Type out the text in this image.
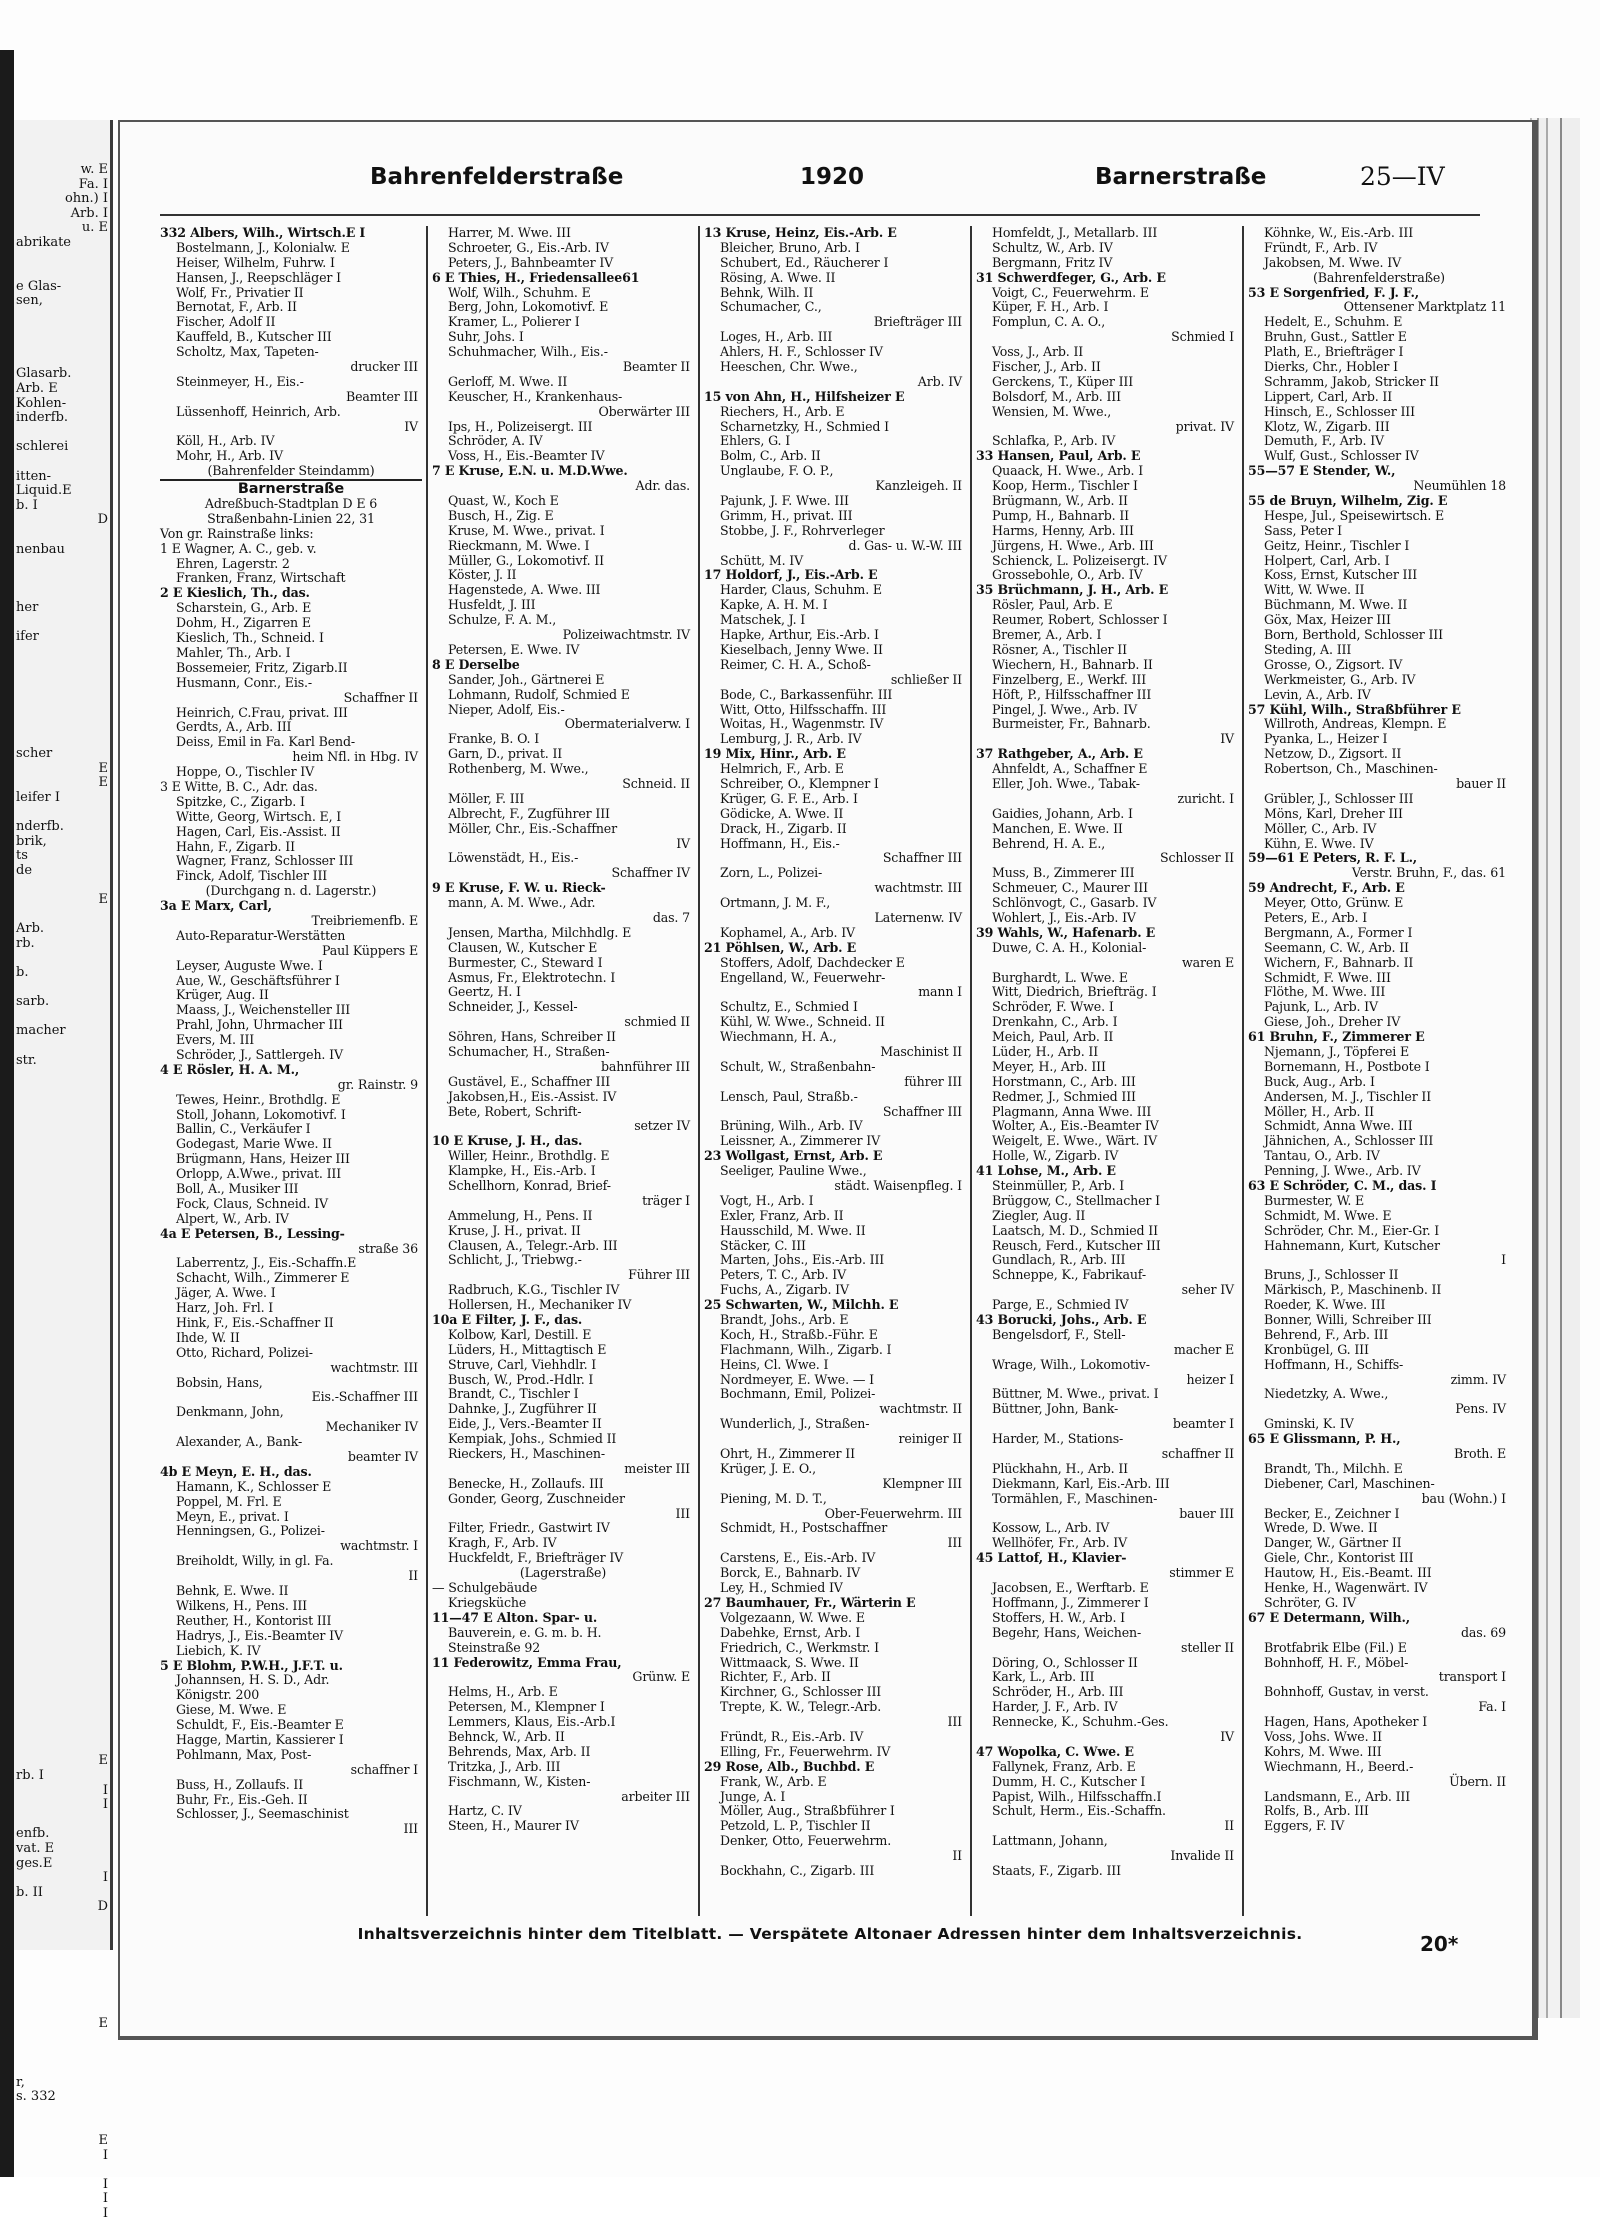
w. E
Fa. I
ohn.) I
Arb. I
u. E
abrikate
e Glas-
sen,
Glasarb.
Arb. E
Kohlen-
inderfb.
schlerei
itten-
Liquid.E
b. I
D
nenbau
her
ifer
scher
E
E
leifer I
nderfb.
brik,
ts
de
E
Arb.
rb.
b.
sarb.
macher
str.
E
rb. I
I
I
enfb.
vat. E
ges.E
I
b. II
D
E
r,
s. 332
E
I
I
I
I
Bahrenfelderstraße	1920	Barnerstraße	25—IV
332 Albers, Wilh., Wirtsch.E I
Bostelmann, J., Kolonialw. E
Heiser, Wilhelm, Fuhrw. I
Hansen, J., Reepschläger I
Wolf, Fr., Privatier II
Bernotat, F., Arb. II
Fischer, Adolf II
Kauffeld, B., Kutscher III
Scholtz, Max, Tapeten-
drucker III
Steinmeyer, H., Eis.-
Beamter III
Lüssenhoff, Heinrich, Arb.
IV
Köll, H., Arb. IV
Mohr, H., Arb. IV
(Bahrenfelder Steindamm)
Barnerstraße
Adreßbuch-Stadtplan D E 6
Straßenbahn-Linien 22, 31
Von gr. Rainstraße links:
1 E Wagner, A. C., geb. v.
Ehren, Lagerstr. 2
Franken, Franz, Wirtschaft
2 E Kieslich, Th., das.
Scharstein, G., Arb. E
Dohm, H., Zigarren E
Kieslich, Th., Schneid. I
Mahler, Th., Arb. I
Bossemeier, Fritz, Zigarb.II
Husmann, Conr., Eis.-
Schaffner II
Heinrich, C.Frau, privat. III
Gerdts, A., Arb. III
Deiss, Emil in Fa. Karl Bend-
heim Nfl. in Hbg. IV
Hoppe, O., Tischler IV
3 E Witte, B. C., Adr. das.
Spitzke, C., Zigarb. I
Witte, Georg, Wirtsch. E, I
Hagen, Carl, Eis.-Assist. II
Hahn, F., Zigarb. II
Wagner, Franz, Schlosser III
Finck, Adolf, Tischler III
(Durchgang n. d. Lagerstr.)
3a E Marx, Carl,
Treibriemenfb. E
Auto-Reparatur-Werstätten
Paul Küppers E
Leyser, Auguste Wwe. I
Aue, W., Geschäftsführer I
Krüger, Aug. II
Maass, J., Weichensteller III
Prahl, John, Uhrmacher III
Evers, M. III
Schröder, J., Sattlergeh. IV
4 E Rösler, H. A. M.,
gr. Rainstr. 9
Tewes, Heinr., Brothdlg. E
Stoll, Johann, Lokomotivf. I
Ballin, C., Verkäufer I
Godegast, Marie Wwe. II
Brügmann, Hans, Heizer III
Orlopp, A.Wwe., privat. III
Boll, A., Musiker III
Fock, Claus, Schneid. IV
Alpert, W., Arb. IV
4a E Petersen, B., Lessing-
straße 36
Laberrentz, J., Eis.-Schaffn.E
Schacht, Wilh., Zimmerer E
Jäger, A. Wwe. I
Harz, Joh. Frl. I
Hink, F., Eis.-Schaffner II
Ihde, W. II
Otto, Richard, Polizei-
wachtmstr. III
Bobsin, Hans,
Eis.-Schaffner III
Denkmann, John,
Mechaniker IV
Alexander, A., Bank-
beamter IV
4b E Meyn, E. H., das.
Hamann, K., Schlosser E
Poppel, M. Frl. E
Meyn, E., privat. I
Henningsen, G., Polizei-
wachtmstr. I
Breiholdt, Willy, in gl. Fa.
II
Behnk, E. Wwe. II
Wilkens, H., Pens. III
Reuther, H., Kontorist III
Hadrys, J., Eis.-Beamter IV
Liebich, K. IV
5 E Blohm, P.W.H., J.F.T. u.
Johannsen, H. S. D., Adr.
Königstr. 200
Giese, M. Wwe. E
Schuldt, F., Eis.-Beamter E
Hagge, Martin, Kassierer I
Pohlmann, Max, Post-
schaffner I
Buss, H., Zollaufs. II
Buhr, Fr., Eis.-Geh. II
Schlosser, J., Seemaschinist
III
Harrer, M. Wwe. III
Schroeter, G., Eis.-Arb. IV
Peters, J., Bahnbeamter IV
6 E Thies, H., Friedensallee61
Wolf, Wilh., Schuhm. E
Berg, John, Lokomotivf. E
Kramer, L., Polierer I
Suhr, Johs. I
Schuhmacher, Wilh., Eis.-
Beamter II
Gerloff, M. Wwe. II
Keuscher, H., Krankenhaus-
Oberwärter III
Ips, H., Polizeisergt. III
Schröder, A. IV
Voss, H., Eis.-Beamter IV
7 E Kruse, E.N. u. M.D.Wwe.
Adr. das.
Quast, W., Koch E
Busch, H., Zig. E
Kruse, M. Wwe., privat. I
Rieckmann, M. Wwe. I
Müller, G., Lokomotivf. II
Köster, J. II
Hagenstede, A. Wwe. III
Husfeldt, J. III
Schulze, F. A. M.,
Polizeiwachtmstr. IV
Petersen, E. Wwe. IV
8 E Derselbe
Sander, Joh., Gärtnerei E
Lohmann, Rudolf, Schmied E
Nieper, Adolf, Eis.-
Obermaterialverw. I
Franke, B. O. I
Garn, D., privat. II
Rothenberg, M. Wwe.,
Schneid. II
Möller, F. III
Albrecht, F., Zugführer III
Möller, Chr., Eis.-Schaffner
IV
Löwenstädt, H., Eis.-
Schaffner IV
9 E Kruse, F. W. u. Rieck-
mann, A. M. Wwe., Adr.
das. 7
Jensen, Martha, Milchhdlg. E
Clausen, W., Kutscher E
Burmester, C., Steward I
Asmus, Fr., Elektrotechn. I
Geertz, H. I
Schneider, J., Kessel-
schmied II
Söhren, Hans, Schreiber II
Schumacher, H., Straßen-
bahnführer III
Gustävel, E., Schaffner III
Jakobsen,H., Eis.-Assist. IV
Bete, Robert, Schrift-
setzer IV
10 E Kruse, J. H., das.
Willer, Heinr., Brothdlg. E
Klampke, H., Eis.-Arb. I
Schellhorn, Konrad, Brief-
träger I
Ammelung, H., Pens. II
Kruse, J. H., privat. II
Clausen, A., Telegr.-Arb. III
Schlicht, J., Triebwg.-
Führer III
Radbruch, K.G., Tischler IV
Hollersen, H., Mechaniker IV
10a E Filter, J. F., das.
Kolbow, Karl, Destill. E
Lüders, H., Mittagtisch E
Struve, Carl, Viehhdlr. I
Busch, W., Prod.-Hdlr. I
Brandt, C., Tischler I
Dahnke, J., Zugführer II
Eide, J., Vers.-Beamter II
Kempiak, Johs., Schmied II
Rieckers, H., Maschinen-
meister III
Benecke, H., Zollaufs. III
Gonder, Georg, Zuschneider
III
Filter, Friedr., Gastwirt IV
Kragh, F., Arb. IV
Huckfeldt, F., Briefträger IV
(Lagerstraße)
— Schulgebäude
Kriegsküche
11—47 E Alton. Spar- u.
Bauverein, e. G. m. b. H.
Steinstraße 92
11 Federowitz, Emma Frau,
Grünw. E
Helms, H., Arb. E
Petersen, M., Klempner I
Lemmers, Klaus, Eis.-Arb.I
Behnck, W., Arb. II
Behrends, Max, Arb. II
Tritzka, J., Arb. III
Fischmann, W., Kisten-
arbeiter III
Hartz, C. IV
Steen, H., Maurer IV
13 Kruse, Heinz, Eis.-Arb. E
Bleicher, Bruno, Arb. I
Schubert, Ed., Räucherer I
Rösing, A. Wwe. II
Behnk, Wilh. II
Schumacher, C.,
Briefträger III
Loges, H., Arb. III
Ahlers, H. F., Schlosser IV
Heeschen, Chr. Wwe.,
Arb. IV
15 von Ahn, H., Hilfsheizer E
Riechers, H., Arb. E
Scharnetzky, H., Schmied I
Ehlers, G. I
Bolm, C., Arb. II
Unglaube, F. O. P.,
Kanzleigeh. II
Pajunk, J. F. Wwe. III
Grimm, H., privat. III
Stobbe, J. F., Rohrverleger
d. Gas- u. W.-W. III
Schütt, M. IV
17 Holdorf, J., Eis.-Arb. E
Harder, Claus, Schuhm. E
Kapke, A. H. M. I
Matschek, J. I
Hapke, Arthur, Eis.-Arb. I
Kieselbach, Jenny Wwe. II
Reimer, C. H. A., Schoß-
schließer II
Bode, C., Barkassenführ. III
Witt, Otto, Hilfsschaffn. III
Woitas, H., Wagenmstr. IV
Lemburg, J. R., Arb. IV
19 Mix, Hinr., Arb. E
Helmrich, F., Arb. E
Schreiber, O., Klempner I
Krüger, G. F. E., Arb. I
Gödicke, A. Wwe. II
Drack, H., Zigarb. II
Hoffmann, H., Eis.-
Schaffner III
Zorn, L., Polizei-
wachtmstr. III
Ortmann, J. M. F.,
Laternenw. IV
Kophamel, A., Arb. IV
21 Pöhlsen, W., Arb. E
Stoffers, Adolf, Dachdecker E
Engelland, W., Feuerwehr-
mann I
Schultz, E., Schmied I
Kühl, W. Wwe., Schneid. II
Wiechmann, H. A.,
Maschinist II
Schult, W., Straßenbahn-
führer III
Lensch, Paul, Straßb.-
Schaffner III
Brüning, Wilh., Arb. IV
Leissner, A., Zimmerer IV
23 Wollgast, Ernst, Arb. E
Seeliger, Pauline Wwe.,
städt. Waisenpfleg. I
Vogt, H., Arb. I
Exler, Franz, Arb. II
Hausschild, M. Wwe. II
Stäcker, C. III
Marten, Johs., Eis.-Arb. III
Peters, T. C., Arb. IV
Fuchs, A., Zigarb. IV
25 Schwarten, W., Milchh. E
Brandt, Johs., Arb. E
Koch, H., Straßb.-Führ. E
Flachmann, Wilh., Zigarb. I
Heins, Cl. Wwe. I
Nordmeyer, E. Wwe. — I
Bochmann, Emil, Polizei-
wachtmstr. II
Wunderlich, J., Straßen-
reiniger II
Ohrt, H., Zimmerer II
Krüger, J. E. O.,
Klempner III
Piening, M. D. T.,
Ober-Feuerwehrm. III
Schmidt, H., Postschaffner
III
Carstens, E., Eis.-Arb. IV
Borck, E., Bahnarb. IV
Ley, H., Schmied IV
27 Baumhauer, Fr., Wärterin E
Volgezaann, W. Wwe. E
Dabehke, Ernst, Arb. I
Friedrich, C., Werkmstr. I
Wittmaack, S. Wwe. II
Richter, F., Arb. II
Kirchner, G., Schlosser III
Trepte, K. W., Telegr.-Arb.
III
Fründt, R., Eis.-Arb. IV
Elling, Fr., Feuerwehrm. IV
29 Rose, Alb., Buchbd. E
Frank, W., Arb. E
Junge, A. I
Möller, Aug., Straßbführer I
Petzold, L. P., Tischler II
Denker, Otto, Feuerwehrm.
II
Bockhahn, C., Zigarb. III
Homfeldt, J., Metallarb. III
Schultz, W., Arb. IV
Bergmann, Fritz IV
31 Schwerdfeger, G., Arb. E
Voigt, C., Feuerwehrm. E
Küper, F. H., Arb. I
Fomplun, C. A. O.,
Schmied I
Voss, J., Arb. II
Fischer, J., Arb. II
Gerckens, T., Küper III
Bolsdorf, M., Arb. III
Wensien, M. Wwe.,
privat. IV
Schlafka, P., Arb. IV
33 Hansen, Paul, Arb. E
Quaack, H. Wwe., Arb. I
Koop, Herm., Tischler I
Brügmann, W., Arb. II
Pump, H., Bahnarb. II
Harms, Henny, Arb. III
Jürgens, H. Wwe., Arb. III
Schienck, L. Polizeisergt. IV
Grossebohle, O., Arb. IV
35 Brüchmann, J. H., Arb. E
Rösler, Paul, Arb. E
Reumer, Robert, Schlosser I
Bremer, A., Arb. I
Rösner, A., Tischler II
Wiechern, H., Bahnarb. II
Finzelberg, E., Werkf. III
Höft, P., Hilfsschaffner III
Pingel, J. Wwe., Arb. IV
Burmeister, Fr., Bahnarb.
IV
37 Rathgeber, A., Arb. E
Ahnfeldt, A., Schaffner E
Eller, Joh. Wwe., Tabak-
zuricht. I
Gaidies, Johann, Arb. I
Manchen, E. Wwe. II
Behrend, H. A. E.,
Schlosser II
Muss, B., Zimmerer III
Schmeuer, C., Maurer III
Schlönvogt, C., Gasarb. IV
Wohlert, J., Eis.-Arb. IV
39 Wahls, W., Hafenarb. E
Duwe, C. A. H., Kolonial-
waren E
Burghardt, L. Wwe. E
Witt, Diedrich, Briefträg. I
Schröder, F. Wwe. I
Drenkahn, C., Arb. I
Meich, Paul, Arb. II
Lüder, H., Arb. II
Meyer, H., Arb. III
Horstmann, C., Arb. III
Redmer, J., Schmied III
Plagmann, Anna Wwe. III
Wolter, A., Eis.-Beamter IV
Weigelt, E. Wwe., Wärt. IV
Holle, W., Zigarb. IV
41 Lohse, M., Arb. E
Steinmüller, P., Arb. I
Brüggow, C., Stellmacher I
Ziegler, Aug. II
Laatsch, M. D., Schmied II
Reusch, Ferd., Kutscher III
Gundlach, R., Arb. III
Schneppe, K., Fabrikauf-
seher IV
Parge, E., Schmied IV
43 Borucki, Johs., Arb. E
Bengelsdorf, F., Stell-
macher E
Wrage, Wilh., Lokomotiv-
heizer I
Büttner, M. Wwe., privat. I
Büttner, John, Bank-
beamter I
Harder, M., Stations-
schaffner II
Plückhahn, H., Arb. II
Diekmann, Karl, Eis.-Arb. III
Tormählen, F., Maschinen-
bauer III
Kossow, L., Arb. IV
Wellhöfer, Fr., Arb. IV
45 Lattof, H., Klavier-
stimmer E
Jacobsen, E., Werftarb. E
Hoffmann, J., Zimmerer I
Stoffers, H. W., Arb. I
Begehr, Hans, Weichen-
steller II
Döring, O., Schlosser II
Kark, L., Arb. III
Schröder, H., Arb. III
Harder, J. F., Arb. IV
Rennecke, K., Schuhm.-Ges.
IV
47 Wopolka, C. Wwe. E
Fallynek, Franz, Arb. E
Dumm, H. C., Kutscher I
Papist, Wilh., Hilfsschaffn.I
Schult, Herm., Eis.-Schaffn.
II
Lattmann, Johann,
Invalide II
Staats, F., Zigarb. III
Köhnke, W., Eis.-Arb. III
Fründt, F., Arb. IV
Jakobsen, M. Wwe. IV
(Bahrenfelderstraße)
53 E Sorgenfried, F. J. F.,
Ottensener Marktplatz 11
Hedelt, E., Schuhm. E
Bruhn, Gust., Sattler E
Plath, E., Briefträger I
Dierks, Chr., Hobler I
Schramm, Jakob, Stricker II
Lippert, Carl, Arb. II
Hinsch, E., Schlosser III
Klotz, W., Zigarb. III
Demuth, F., Arb. IV
Wulf, Gust., Schlosser IV
55—57 E Stender, W.,
Neumühlen 18
55 de Bruyn, Wilhelm, Zig. E
Hespe, Jul., Speisewirtsch. E
Sass, Peter I
Geitz, Heinr., Tischler I
Holpert, Carl, Arb. I
Koss, Ernst, Kutscher III
Witt, W. Wwe. II
Büchmann, M. Wwe. II
Göx, Max, Heizer III
Born, Berthold, Schlosser III
Steding, A. III
Grosse, O., Zigsort. IV
Werkmeister, G., Arb. IV
Levin, A., Arb. IV
57 Kühl, Wilh., Straßbführer E
Willroth, Andreas, Klempn. E
Pyanka, L., Heizer I
Netzow, D., Zigsort. II
Robertson, Ch., Maschinen-
bauer II
Grübler, J., Schlosser III
Möns, Karl, Dreher III
Möller, C., Arb. IV
Kühn, E. Wwe. IV
59—61 E Peters, R. F. L.,
Verstr. Bruhn, F., das. 61
59 Andrecht, F., Arb. E
Meyer, Otto, Grünw. E
Peters, E., Arb. I
Bergmann, A., Former I
Seemann, C. W., Arb. II
Wichern, F., Bahnarb. II
Schmidt, F. Wwe. III
Flöthe, M. Wwe. III
Pajunk, L., Arb. IV
Giese, Joh., Dreher IV
61 Bruhn, F., Zimmerer E
Njemann, J., Töpferei E
Bornemann, H., Postbote I
Buck, Aug., Arb. I
Andersen, M. J., Tischler II
Möller, H., Arb. II
Schmidt, Anna Wwe. III
Jähnichen, A., Schlosser III
Tantau, O., Arb. IV
Penning, J. Wwe., Arb. IV
63 E Schröder, C. M., das. I
Burmester, W. E
Schmidt, M. Wwe. E
Schröder, Chr. M., Eier-Gr. I
Hahnemann, Kurt, Kutscher
I
Bruns, J., Schlosser II
Märkisch, P., Maschinenb. II
Roeder, K. Wwe. III
Bonner, Willi, Schreiber III
Behrend, F., Arb. III
Kronbügel, G. III
Hoffmann, H., Schiffs-
zimm. IV
Niedetzky, A. Wwe.,
Pens. IV
Gminski, K. IV
65 E Glissmann, P. H.,
Broth. E
Brandt, Th., Milchh. E
Diebener, Carl, Maschinen-
bau (Wohn.) I
Becker, E., Zeichner I
Wrede, D. Wwe. II
Danger, W., Gärtner II
Giele, Chr., Kontorist III
Hautow, H., Eis.-Beamt. III
Henke, H., Wagenwärt. IV
Schröter, G. IV
67 E Determann, Wilh.,
das. 69
Brotfabrik Elbe (Fil.) E
Bohnhoff, H. F., Möbel-
transport I
Bohnhoff, Gustav, in verst.
Fa. I
Hagen, Hans, Apotheker I
Voss, Johs. Wwe. II
Kohrs, M. Wwe. III
Wiechmann, H., Beerd.-
Übern. II
Landsmann, E., Arb. III
Rolfs, B., Arb. III
Eggers, F. IV
Inhaltsverzeichnis hinter dem Titelblatt. — Verspätete Altonaer Adressen hinter dem Inhaltsverzeichnis.	20*
